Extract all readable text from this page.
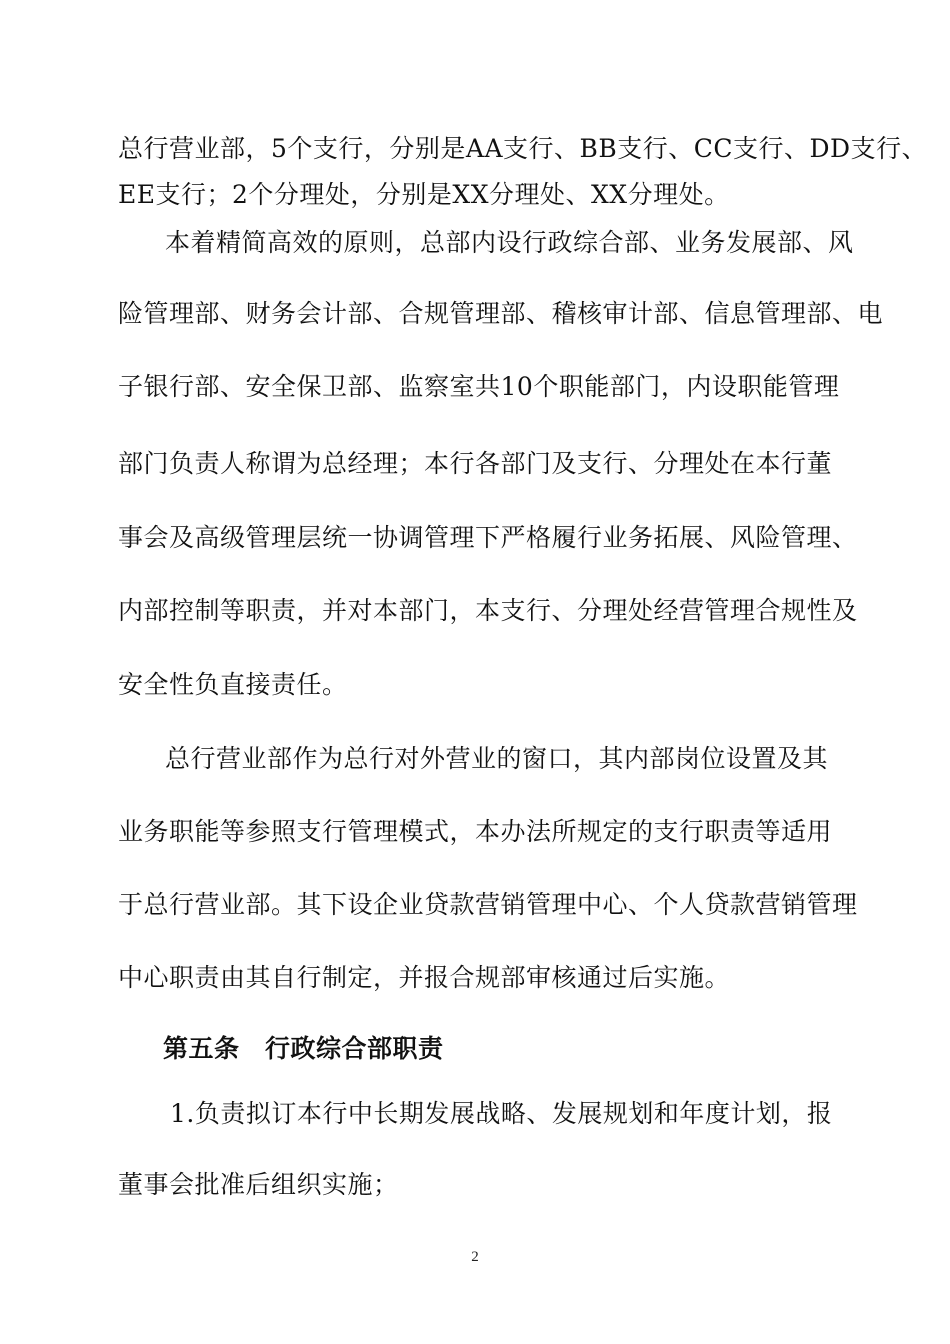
总行营业部，5个支行，分别是AA支行、BB支行、CC支行、DD支行、
EE支行；2个分理处，分别是XX分理处、XX分理处。
本着精简高效的原则，总部内设行政综合部、业务发展部、风
险管理部、财务会计部、合规管理部、稽核审计部、信息管理部、电
子银行部、安全保卫部、监察室共10个职能部门，内设职能管理
部门负责人称谓为总经理；本行各部门及支行、分理处在本行董
事会及高级管理层统一协调管理下严格履行业务拓展、风险管理、
内部控制等职责，并对本部门，本支行、分理处经营管理合规性及
安全性负直接责任。
总行营业部作为总行对外营业的窗口，其内部岗位设置及其
业务职能等参照支行管理模式，本办法所规定的支行职责等适用
于总行营业部。其下设企业贷款营销管理中心、个人贷款营销管理
中心职责由其自行制定，并报合规部审核通过后实施。
第五条　行政综合部职责
1.负责拟订本行中长期发展战略、发展规划和年度计划，报
董事会批准后组织实施；
2
